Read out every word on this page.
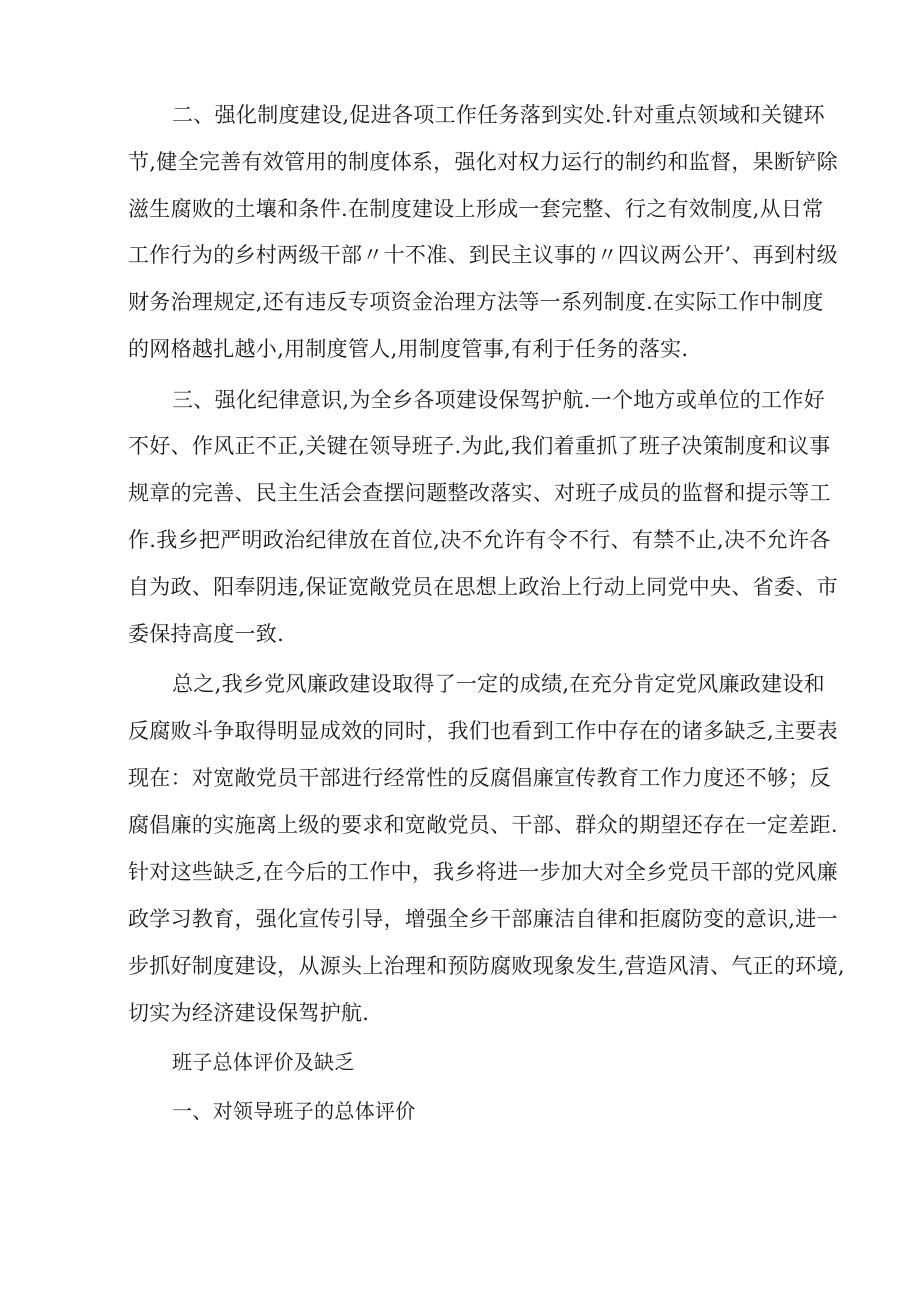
二、强化制度建设,促进各项工作任务落到实处.针对重点领域和关键环
节,健全完善有效管用的制度体系，强化对权力运行的制约和监督，果断铲除
滋生腐败的土壤和条件.在制度建设上形成一套完整、行之有效制度,从日常
工作行为的乡村两级干部〃十不准、到民主议事的〃四议两公开’、再到村级
财务治理规定,还有违反专项资金治理方法等一系列制度.在实际工作中制度
的网格越扎越小,用制度管人,用制度管事,有利于任务的落实.
三、强化纪律意识,为全乡各项建设保驾护航.一个地方或单位的工作好
不好、作风正不正,关键在领导班子.为此,我们着重抓了班子决策制度和议事
规章的完善、民主生活会查摆问题整改落实、对班子成员的监督和提示等工
作.我乡把严明政治纪律放在首位,决不允许有令不行、有禁不止,决不允许各
自为政、阳奉阴违,保证宽敞党员在思想上政治上行动上同党中央、省委、市
委保持高度一致.
总之,我乡党风廉政建设取得了一定的成绩,在充分肯定党风廉政建设和
反腐败斗争取得明显成效的同时，我们也看到工作中存在的诸多缺乏,主要表
现在：对宽敞党员干部进行经常性的反腐倡廉宣传教育工作力度还不够；反
腐倡廉的实施离上级的要求和宽敞党员、干部、群众的期望还存在一定差距.
针对这些缺乏,在今后的工作中，我乡将进一步加大对全乡党员干部的党风廉
政学习教育，强化宣传引导，增强全乡干部廉洁自律和拒腐防变的意识,进一
步抓好制度建设，从源头上治理和预防腐败现象发生,营造风清、气正的环境,
切实为经济建设保驾护航.
班子总体评价及缺乏
一、对领导班子的总体评价
